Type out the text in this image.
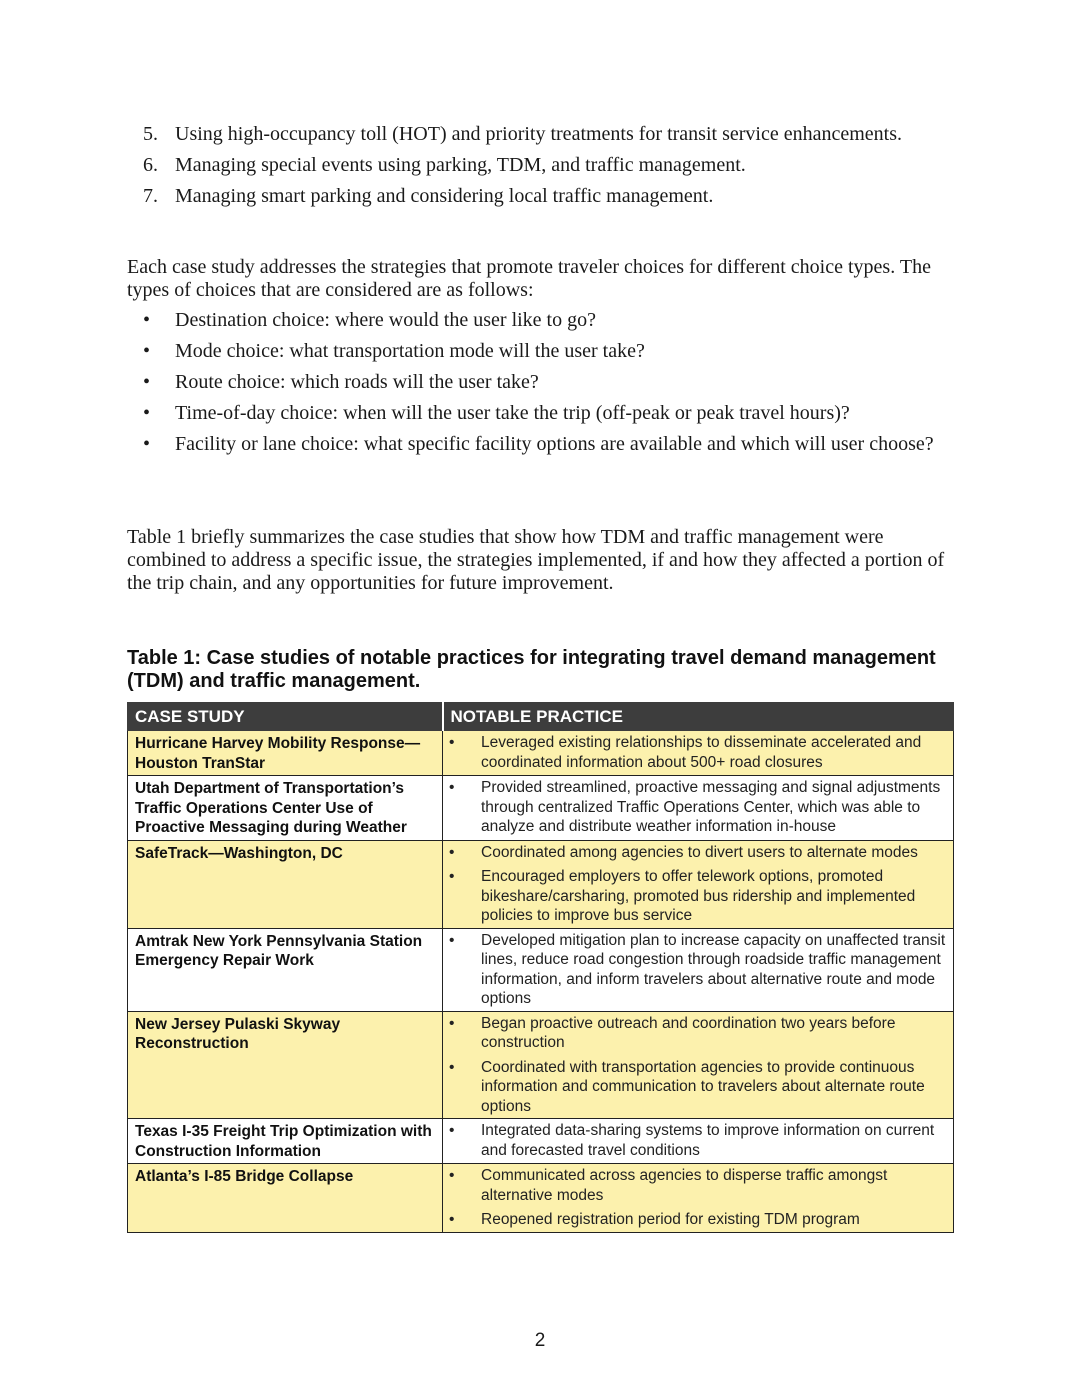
5. Using high-occupancy toll (HOT) and priority treatments for transit service enhancements.
6. Managing special events using parking, TDM, and traffic management.
7. Managing smart parking and considering local traffic management.
Each case study addresses the strategies that promote traveler choices for different choice types. The types of choices that are considered are as follows:
•	Destination choice: where would the user like to go?
•	Mode choice: what transportation mode will the user take?
•	Route choice: which roads will the user take?
•	Time-of-day choice: when will the user take the trip (off-peak or peak travel hours)?
•	Facility or lane choice: what specific facility options are available and which will user choose?
Table 1 briefly summarizes the case studies that show how TDM and traffic management were combined to address a specific issue, the strategies implemented, if and how they affected a portion of the trip chain, and any opportunities for future improvement.
Table 1: Case studies of notable practices for integrating travel demand management (TDM) and traffic management.
CASE STUDY	NOTABLE PRACTICE
Hurricane Harvey Mobility Response—Houston TranStar	• Leveraged existing relationships to disseminate accelerated and coordinated information about 500+ road closures

Utah Department of Transportation’s Traffic Operations Center Use of Proactive Messaging during Weather	• Provided streamlined, proactive messaging and signal adjustments through centralized Traffic Operations Center, which was able to analyze and distribute weather information in-house

SafeTrack—Washington, DC	• Coordinated among agencies to divert users to alternate modes
• Encouraged employers to offer telework options, promoted bikeshare/carsharing, promoted bus ridership and implemented policies to improve bus service

Amtrak New York Pennsylvania Station Emergency Repair Work	• Developed mitigation plan to increase capacity on unaffected transit lines, reduce road congestion through roadside traffic management information, and inform travelers about alternative route and mode options

New Jersey Pulaski Skyway Reconstruction	• Began proactive outreach and coordination two years before construction
• Coordinated with transportation agencies to provide continuous information and communication to travelers about alternate route options

Texas I-35 Freight Trip Optimization with Construction Information	• Integrated data-sharing systems to improve information on current and forecasted travel conditions

Atlanta’s I-85 Bridge Collapse	• Communicated across agencies to disperse traffic amongst alternative modes
• Reopened registration period for existing TDM program
2
